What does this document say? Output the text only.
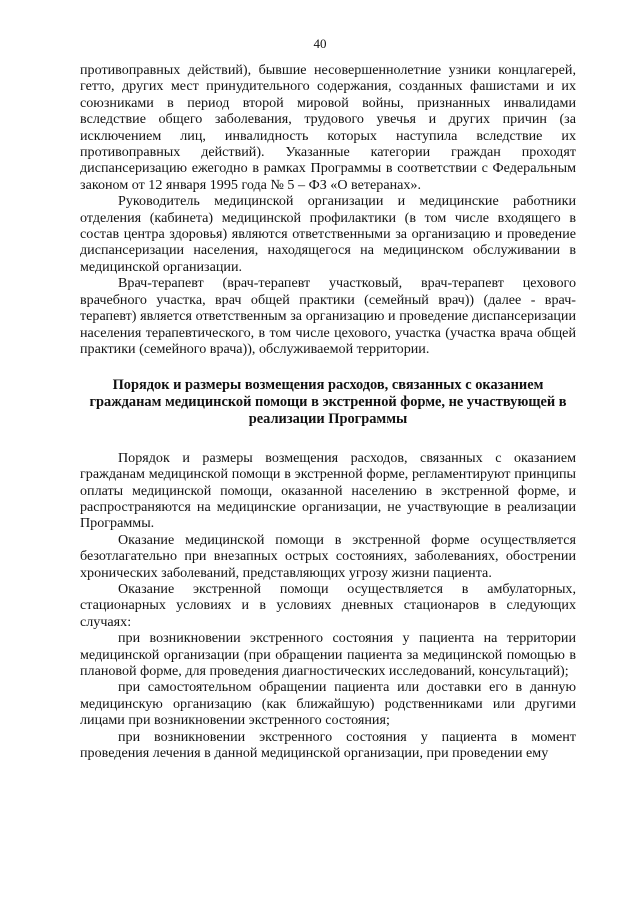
40

противоправных действий), бывшие несовершеннолетние узники концлагерей, гетто, других мест принудительного содержания, созданных фашистами и их союзниками в период второй мировой войны, признанных инвалидами вследствие общего заболевания, трудового увечья и других причин (за исключением лиц, инвалидность которых наступила вследствие их противоправных действий). Указанные категории граждан проходят диспансеризацию ежегодно в рамках Программы в соответствии с Федеральным законом от 12 января 1995 года № 5 – ФЗ «О ветеранах».

Руководитель медицинской организации и медицинские работники отделения (кабинета) медицинской профилактики (в том числе входящего в состав центра здоровья) являются ответственными за организацию и проведение диспансеризации населения, находящегося на медицинском обслуживании в медицинской организации.

Врач-терапевт (врач-терапевт участковый, врач-терапевт цехового врачебного участка, врач общей практики (семейный врач)) (далее - врач-терапевт) является ответственным за организацию и проведение диспансеризации населения терапевтического, в том числе цехового, участка (участка врача общей практики (семейного врача)), обслуживаемой территории.

Порядок и размеры возмещения расходов, связанных с оказанием гражданам медицинской помощи в экстренной форме, не участвующей в реализации Программы

Порядок и размеры возмещения расходов, связанных с оказанием гражданам медицинской помощи в экстренной форме, регламентируют принципы оплаты медицинской помощи, оказанной населению в экстренной форме, и распространяются на медицинские организации, не участвующие в реализации Программы.

Оказание медицинской помощи в экстренной форме осуществляется безотлагательно при внезапных острых состояниях, заболеваниях, обострении хронических заболеваний, представляющих угрозу жизни пациента.

Оказание экстренной помощи осуществляется в амбулаторных, стационарных условиях и в условиях дневных стационаров в следующих случаях:

при возникновении экстренного состояния у пациента на территории медицинской организации (при обращении пациента за медицинской помощью в плановой форме, для проведения диагностических исследований, консультаций);

при самостоятельном обращении пациента или доставки его в данную медицинскую организацию (как ближайшую) родственниками или другими лицами при возникновении экстренного состояния;

при возникновении экстренного состояния у пациента в момент проведения лечения в данной медицинской организации, при проведении ему
